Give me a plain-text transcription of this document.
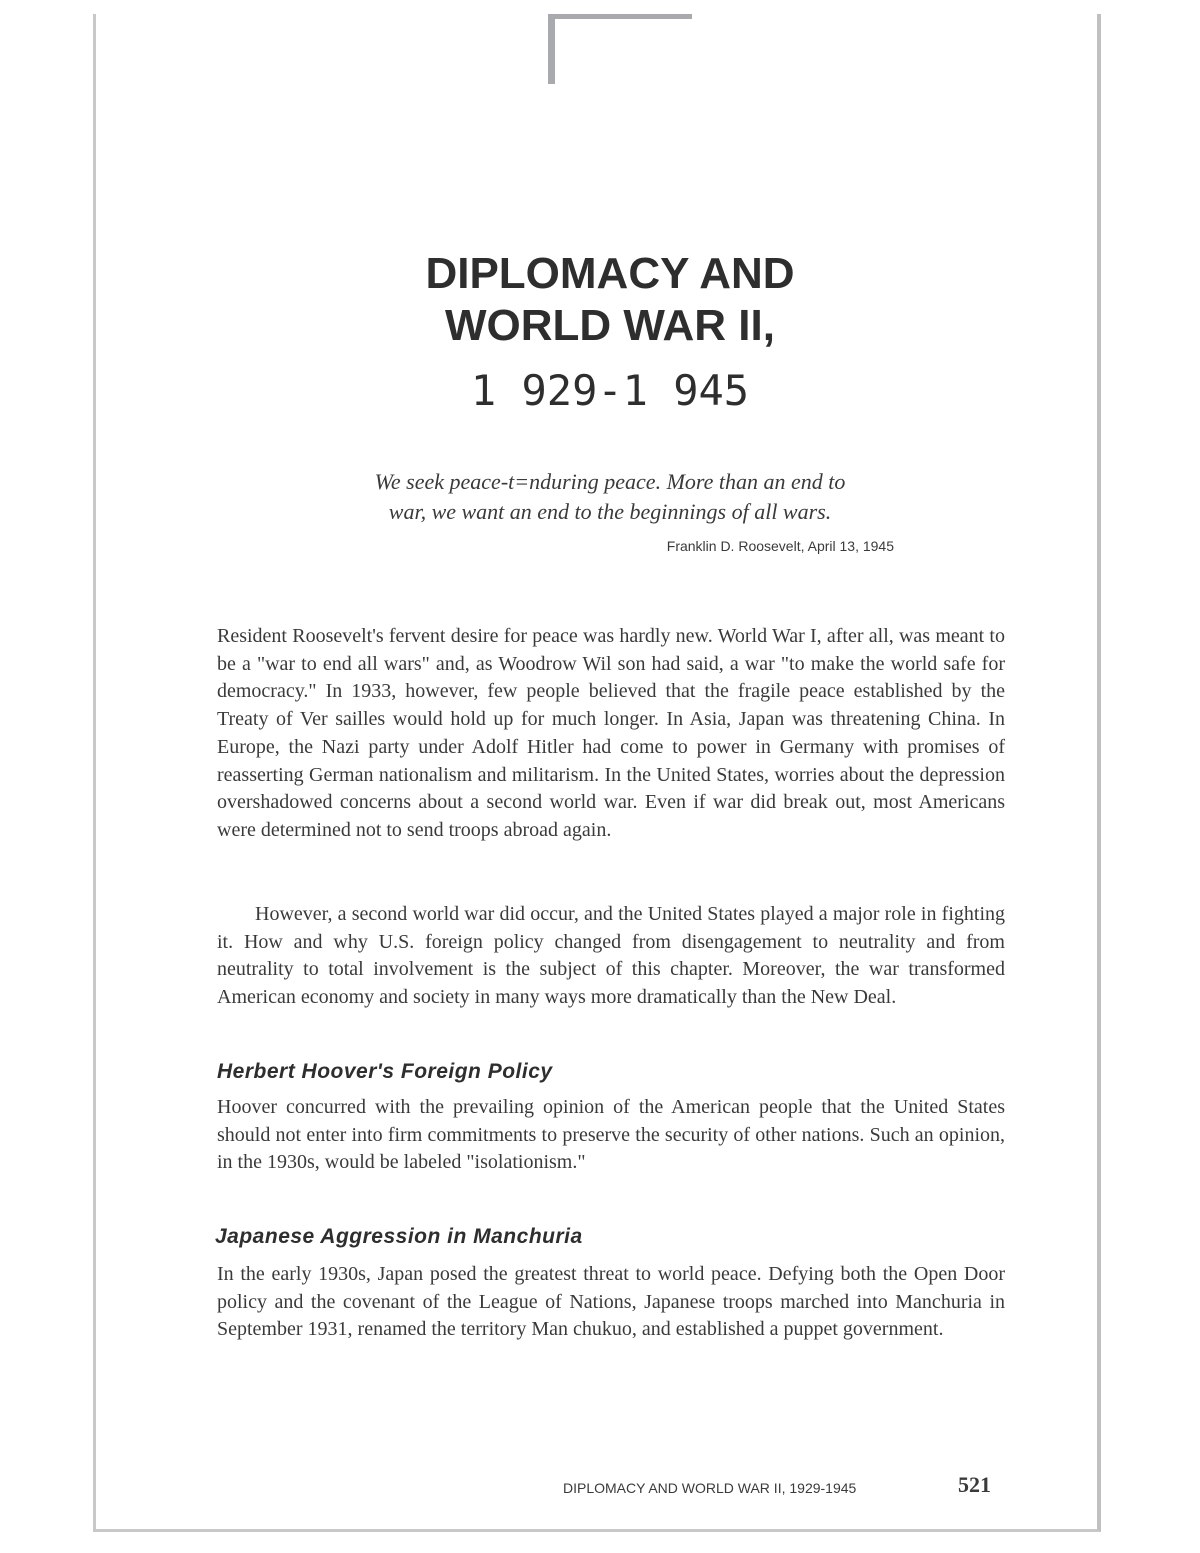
DIPLOMACY AND
WORLD WAR II,
1 929-1 945
We seek peace-t=nduring peace. More than an end to
war, we want an end to the beginnings of all wars.
Franklin D. Roosevelt, April 13, 1945

Resident Roosevelt's fervent desire for peace was hardly new. World War I, after all, was meant to be a "war to end all wars" and, as Woodrow Wil son had said, a war "to make the world safe for democracy." In 1933, however, few people believed that the fragile peace established by the Treaty of Ver sailles would hold up for much longer. In Asia, Japan was threatening China. In Europe, the Nazi party under Adolf Hitler had come to power in Germany with promises of reasserting German nationalism and militarism. In the United States, worries about the depression overshadowed concerns about a second world war. Even if war did break out, most Americans were determined not to send troops abroad again.

However, a second world war did occur, and the United States played a major role in fighting it. How and why U.S. foreign policy changed from disengagement to neutrality and from neutrality to total involvement is the subject of this chapter. Moreover, the war transformed American economy and society in many ways more dramatically than the New Deal.

Herbert Hoover's Foreign Policy

Hoover concurred with the prevailing opinion of the American people that the United States should not enter into firm commitments to preserve the security of other nations. Such an opinion, in the 1930s, would be labeled "isolationism."

Japanese Aggression in Manchuria

In the early 1930s, Japan posed the greatest threat to world peace. Defying both the Open Door policy and the covenant of the League of Nations, Japanese troops marched into Manchuria in September 1931, renamed the territory Man chukuo, and established a puppet government.

DIPLOMACY AND WORLD WAR II, 1929-1945	521
